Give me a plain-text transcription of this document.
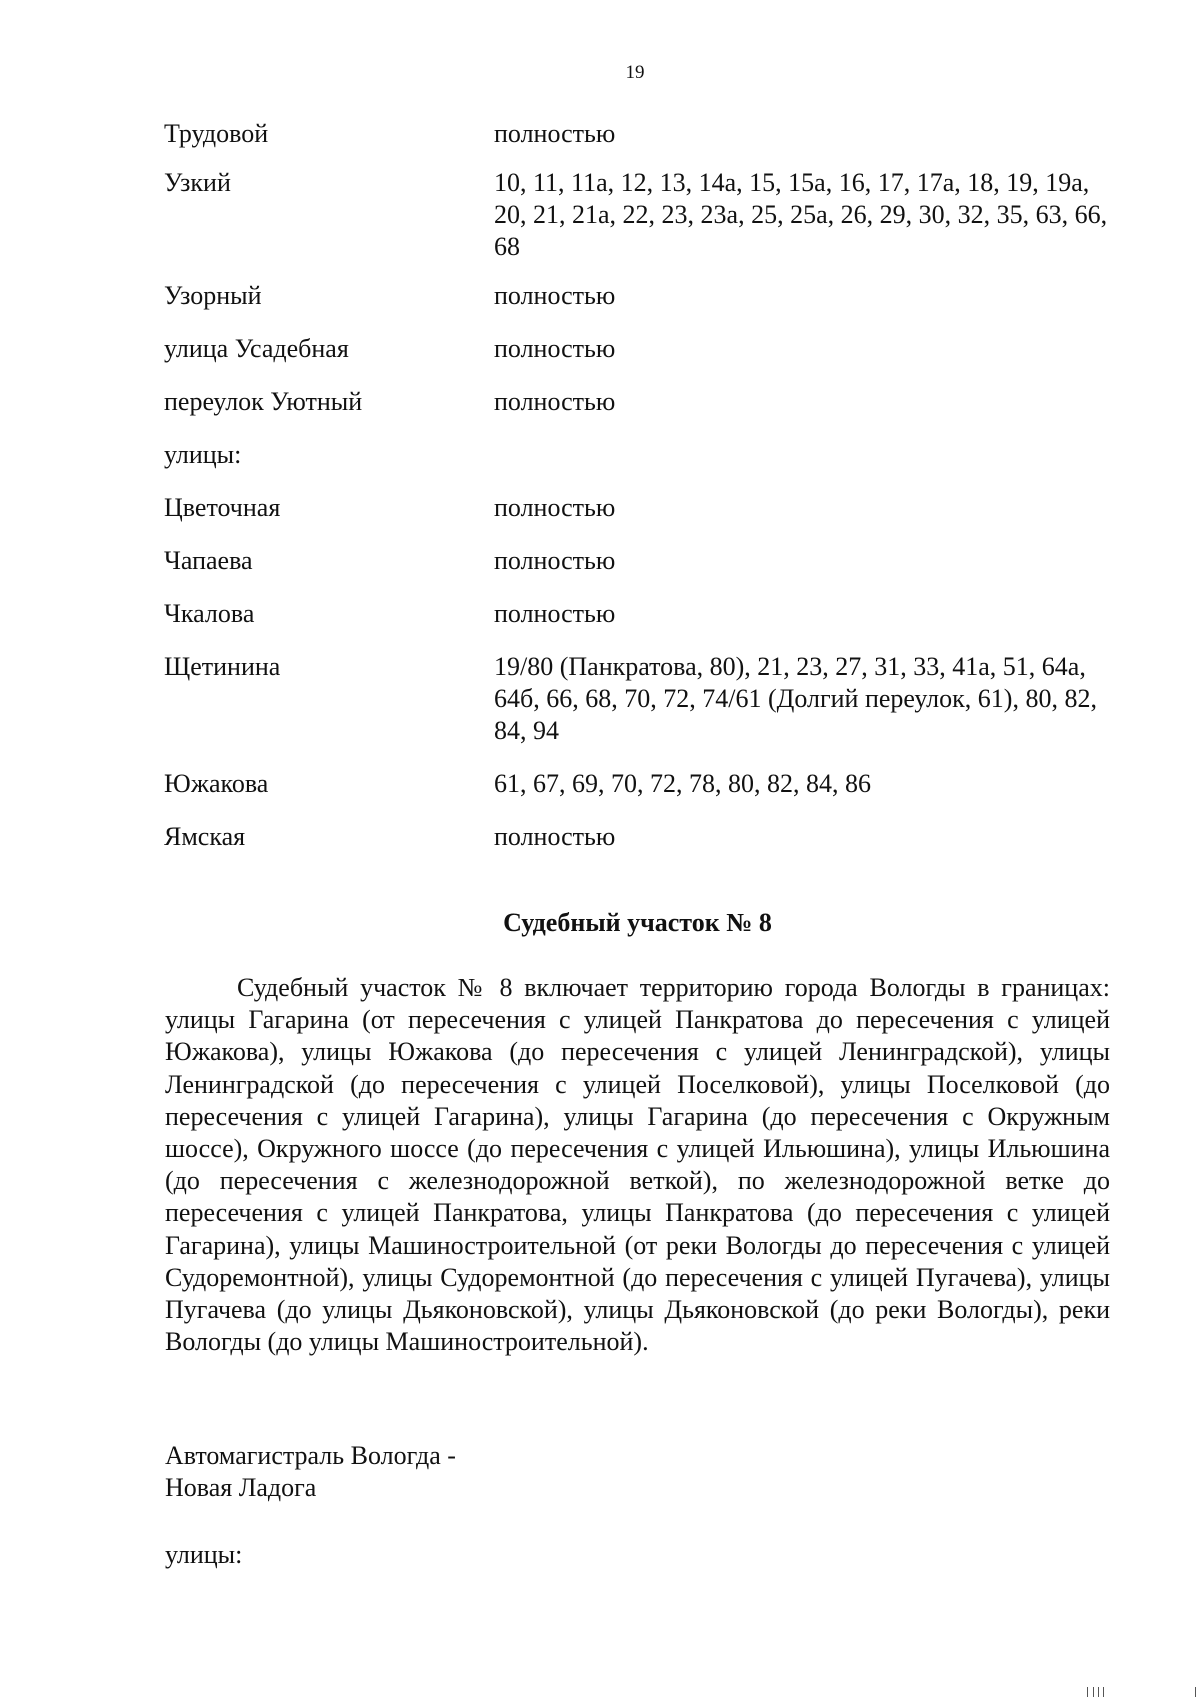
19
Трудовой	полностью
Узкий	10, 11, 11а, 12, 13, 14а, 15, 15а, 16, 17, 17а, 18, 19, 19а, 20, 21, 21а, 22, 23, 23а, 25, 25а, 26, 29, 30, 32, 35, 63, 66, 68
Узорный	полностью
улица Усадебная	полностью
переулок Уютный	полностью
улицы:
Цветочная	полностью
Чапаева	полностью
Чкалова	полностью
Щетинина	19/80 (Панкратова, 80), 21, 23, 27, 31, 33, 41а, 51, 64а, 64б, 66, 68, 70, 72, 74/61 (Долгий переулок, 61), 80, 82, 84, 94
Южакова	61, 67, 69, 70, 72, 78, 80, 82, 84, 86
Ямская	полностью
Судебный участок № 8
Судебный участок № 8 включает территорию города Вологды в границах: улицы Гагарина (от пересечения с улицей Панкратова до пересечения с улицей Южакова), улицы Южакова (до пересечения с улицей Ленинградской), улицы Ленинградской (до пересечения с улицей Поселковой), улицы Поселковой (до пересечения с улицей Гагарина), улицы Гагарина (до пересечения с Окружным шоссе), Окружного шоссе (до пересечения с улицей Ильюшина), улицы Ильюшина (до пересечения с железнодорожной веткой), по железнодорожной ветке до пересечения с улицей Панкратова, улицы Панкратова (до пересечения с улицей Гагарина), улицы Машиностроительной (от реки Вологды до пересечения с улицей Судоремонтной), улицы Судоремонтной (до пересечения с улицей Пугачева), улицы Пугачева (до улицы Дьяконовской), улицы Дьяконовской (до реки Вологды), реки Вологды (до улицы Машиностроительной).
Автомагистраль Вологда -
Новая Ладога
улицы:
